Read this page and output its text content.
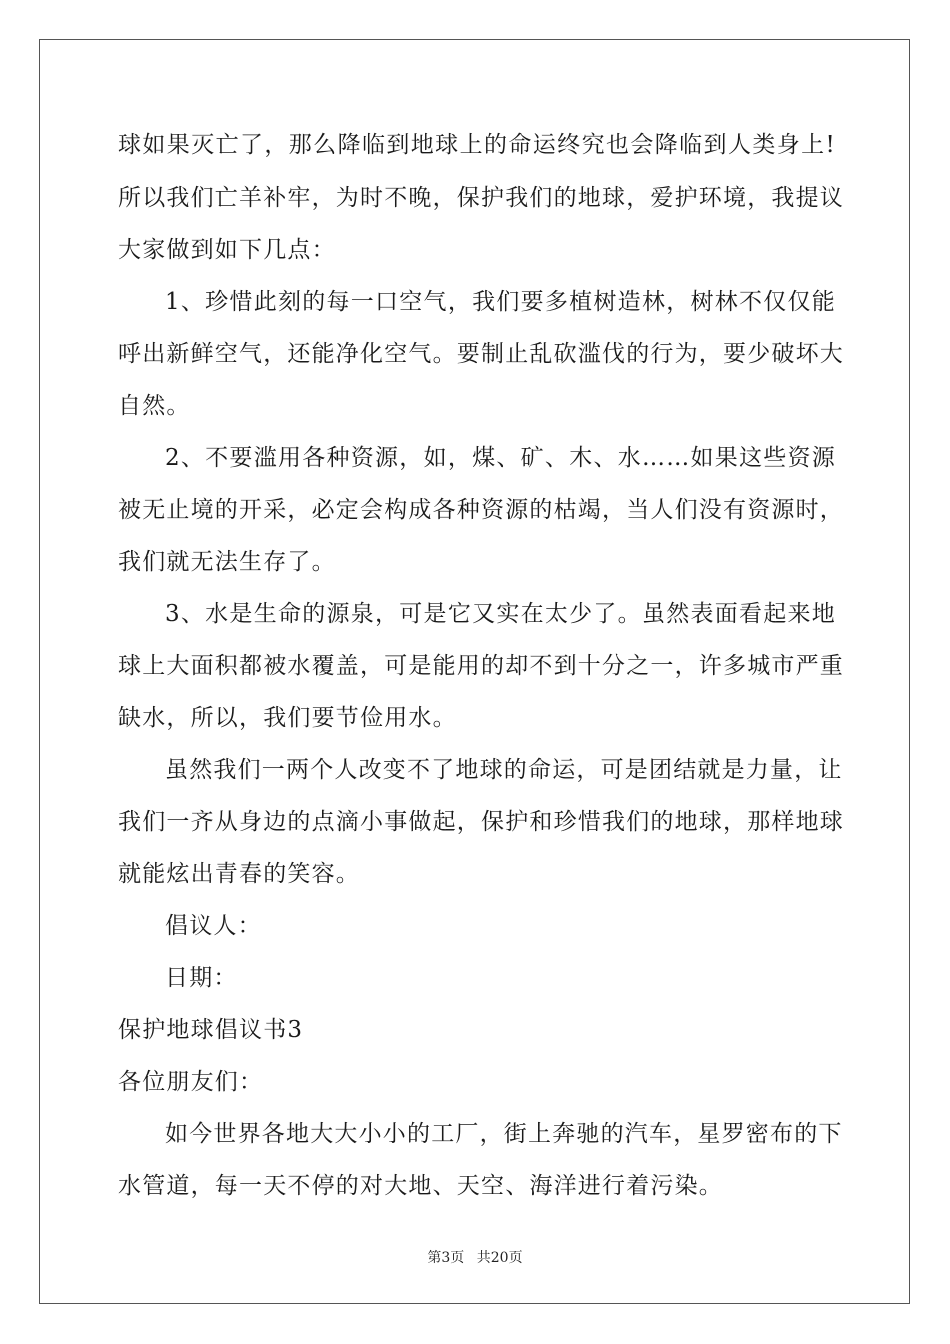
球如果灭亡了，那么降临到地球上的命运终究也会降临到人类身上!
所以我们亡羊补牢，为时不晚，保护我们的地球，爱护环境，我提议
大家做到如下几点：
1、珍惜此刻的每一口空气，我们要多植树造林，树林不仅仅能
呼出新鲜空气，还能净化空气。要制止乱砍滥伐的行为，要少破坏大
自然。
2、不要滥用各种资源，如，煤、矿、木、水……如果这些资源
被无止境的开采，必定会构成各种资源的枯竭，当人们没有资源时，
我们就无法生存了。
3、水是生命的源泉，可是它又实在太少了。虽然表面看起来地
球上大面积都被水覆盖，可是能用的却不到十分之一，许多城市严重
缺水，所以，我们要节俭用水。
虽然我们一两个人改变不了地球的命运，可是团结就是力量，让
我们一齐从身边的点滴小事做起，保护和珍惜我们的地球，那样地球
就能炫出青春的笑容。
倡议人：
日期：
保护地球倡议书3
各位朋友们：
如今世界各地大大小小的工厂，街上奔驰的汽车，星罗密布的下
水管道，每一天不停的对大地、天空、海洋进行着污染。
第3页 共20页
